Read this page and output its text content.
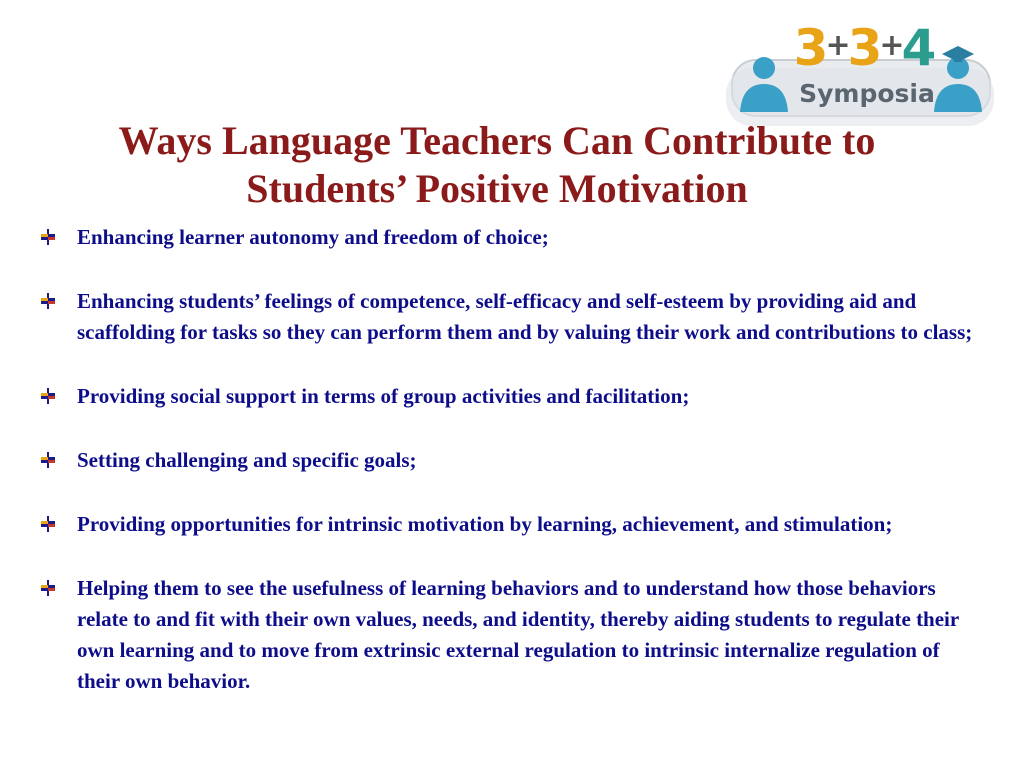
3+3+4
Symposia
Ways Language Teachers Can Contribute to
Students’ Positive Motivation
Enhancing learner autonomy and freedom of choice;
Enhancing students’ feelings of competence, self-efficacy and self-esteem by providing aid and scaffolding for tasks so they can perform them and by valuing their work and contributions to class;
Providing social support in terms of group activities and facilitation;
Setting challenging and specific goals;
Providing opportunities for intrinsic motivation by learning, achievement, and stimulation;
Helping them to see the usefulness of learning behaviors and to understand how those behaviors relate to and fit with their own values, needs, and identity, thereby aiding students to regulate their own learning and to move from extrinsic external regulation to intrinsic internalize regulation of their own behavior.
